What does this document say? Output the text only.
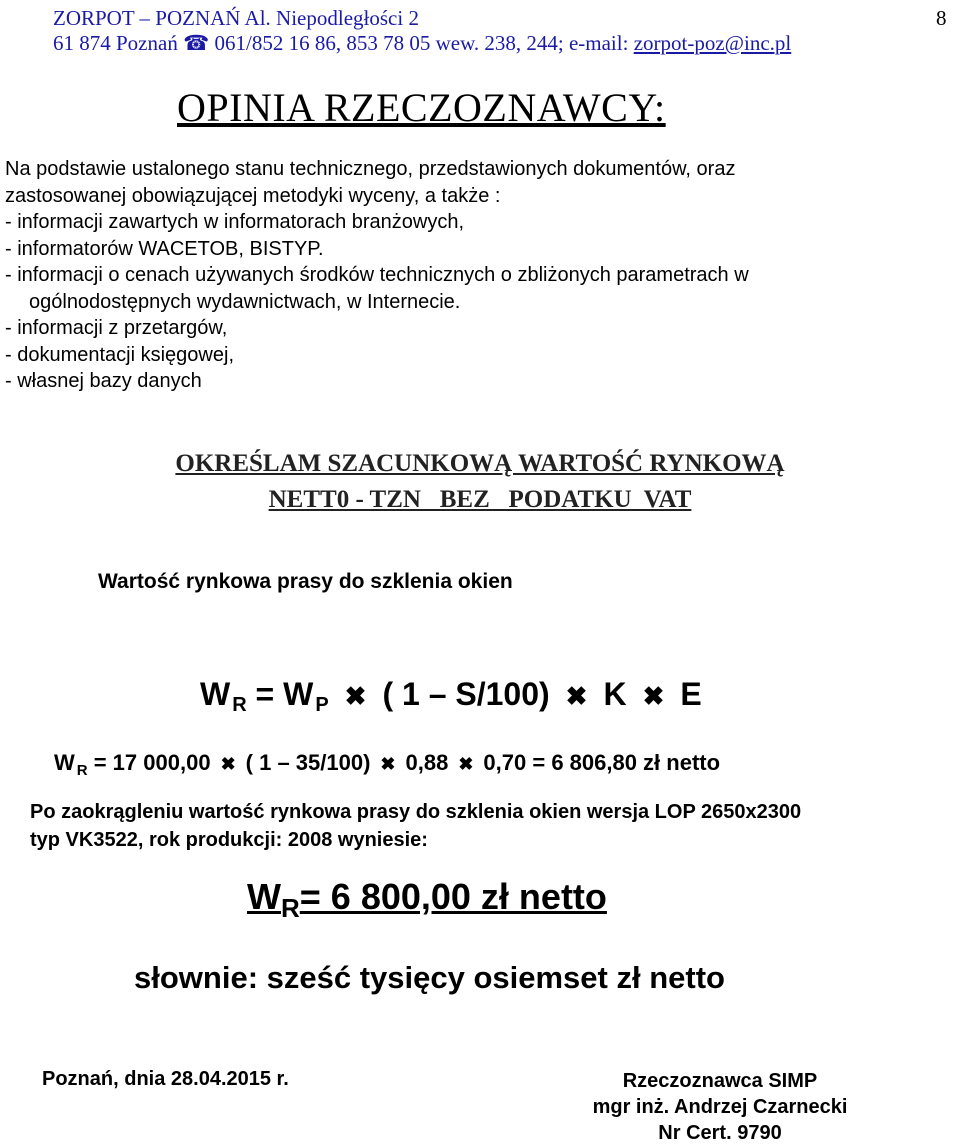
ZORPOT – POZNAŃ Al. Niepodległości 2
61 874 Poznań ☎ 061/852 16 86, 853 78 05 wew. 238, 244; e-mail: zorpot-poz@inc.pl
8
OPINIA RZECZOZNAWCY:
Na podstawie ustalonego stanu technicznego, przedstawionych dokumentów, oraz
zastosowanej obowiązującej metodyki wyceny, a także :
- informacji zawartych w informatorach branżowych,
- informatorów WACETOB, BISTYP.
- informacji o cenach używanych środków technicznych o zbliżonych parametrach w
ogólnodostępnych wydawnictwach, w Internecie.
- informacji z przetargów,
- dokumentacji księgowej,
- własnej bazy danych
OKREŚLAM SZACUNKOWĄ WARTOŚĆ RYNKOWĄ
NETT0 - TZN   BEZ   PODATKU  VAT
Wartość rynkowa prasy do szklenia okien
W R = W P ✖ ( 1 – S/100) ✖ K ✖ E
W R = 17 000,00 ✖ ( 1 – 35/100) ✖ 0,88 ✖ 0,70 = 6 806,80 zł netto
Po zaokrągleniu wartość rynkowa prasy do szklenia okien wersja LOP 2650x2300
typ VK3522, rok produkcji: 2008 wyniesie:
$W_R= 6$ 800,00 zł netto
słownie: sześć tysięcy osiemset zł netto
Poznań, dnia 28.04.2015 r.	Rzeczoznawca SIMP
mgr inż. Andrzej Czarnecki
Nr Cert. 9790
